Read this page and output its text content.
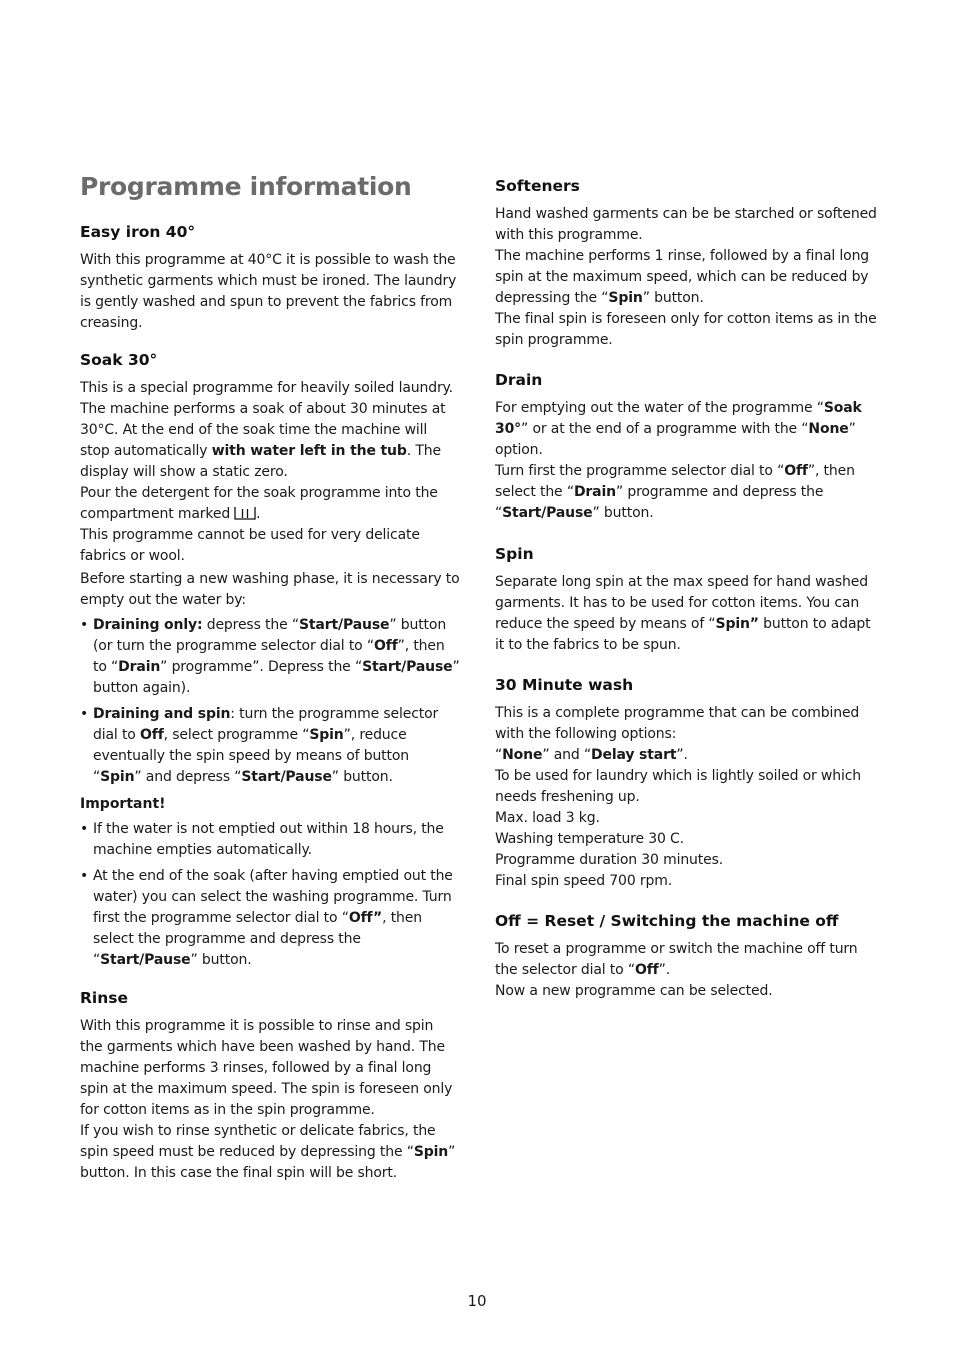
Programme information
Easy iron 40°

With this programme at 40°C it is possible to wash the synthetic garments which must be ironed. The laundry is gently washed and spun to prevent the fabrics from creasing.

Soak 30°

This is a special programme for heavily soiled laundry. The machine performs a soak of about 30 minutes at 30°C. At the end of the soak time the machine will stop automatically with water left in the tub. The display will show a static zero.

Pour the detergent for the soak programme into the compartment marked .

This programme cannot be used for very delicate fabrics or wool.

Before starting a new washing phase, it is necessary to empty out the water by:

• Draining only: depress the “Start/Pause” button (or turn the programme selector dial to “Off”, then to “Drain” programme”. Depress the “Start/Pause” button again).
• Draining and spin: turn the programme selector dial to Off, select programme “Spin”, reduce eventually the spin speed by means of button “Spin” and depress “Start/Pause” button.
Important!
• If the water is not emptied out within 18 hours, the machine empties automatically.
• At the end of the soak (after having emptied out the water) you can select the washing programme. Turn first the programme selector dial to “Off”, then select the programme and depress the “Start/Pause” button.
Rinse

With this programme it is possible to rinse and spin the garments which have been washed by hand. The machine performs 3 rinses, followed by a final long spin at the maximum speed. The spin is foreseen only for cotton items as in the spin programme.

If you wish to rinse synthetic or delicate fabrics, the spin speed must be reduced by depressing the “Spin” button. In this case the final spin will be short.

Softeners

Hand washed garments can be be starched or softened with this programme.

The machine performs 1 rinse, followed by a final long spin at the maximum speed, which can be reduced by depressing the “Spin” button.

The final spin is foreseen only for cotton items as in the spin programme.

Drain

For emptying out the water of the programme “Soak 30°” or at the end of a programme with the “None” option.

Turn first the programme selector dial to “Off”, then select the “Drain” programme and depress the “Start/Pause” button.

Spin

Separate long spin at the max speed for hand washed garments. It has to be used for cotton items. You can reduce the speed by means of “Spin” button to adapt it to the fabrics to be spun.

30 Minute wash

This is a complete programme that can be combined with the following options:

“None” and “Delay start”.

To be used for laundry which is lightly soiled or which needs freshening up.

Max. load 3 kg.

Washing temperature 30 C.

Programme duration 30 minutes.

Final spin speed 700 rpm.

Off = Reset / Switching the machine off

To reset a programme or switch the machine off turn the selector dial to “Off”.

Now a new programme can be selected.

10
